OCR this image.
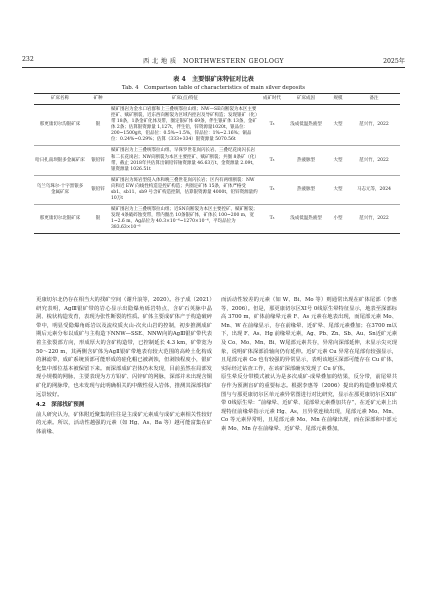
232	西 北 地 质　NORTHWESTERN GEOLOGY	2025年
表 4　主要银矿床特征对比表
Tab. 4　Comparison table of characteristics of main silver deposits
矿床名称	矿种	矿床(点)特征	成矿时代	矿床成因	规模	备注
那更康切尔沟银矿床	银	赋矿围岩为金水口岩群和上三叠统鄂拉山组；NW—SE向断裂为本区主要控矿、赋矿断裂，近东西向断裂为区域内控岩及导矿构造；发现银矿（化）带 18条，1条金矿化体及带，圈定银矿体 69条，伴生银矿体 13条，金矿体 2条；估算银资源量 1,127t，伴生铅，锌资源量1020t，银品位：200~1500g/t，铅品位：0.5%~1.5%，锌品位：1%~2.16%；铜品位：0.24%~0.29%；估算（333+334）银资源量 5070.56t	T₃	浅成低温热液型	大型	范兴竹，2022
哈日扎南坝银多金属矿床	银铅锌	赋矿围岩为上三叠统鄂拉山组、早侏罗世花岗闪长岩、三叠纪花岗闪长岩和二长花岗岩；NW向断裂为本区主要控矿、赋矿断裂；共圈 8条矿（化）带，截止 2018年共估算出铜铅锌铀资源量 46.63万t，金资源量 2.09t，银资源量 1026.51t	T₃	热液脉型	大型	范兴竹，2022
乌兰乌珠尔-十字黑银多金属矿床	银铅锌	赋矿围岩为斑岩型侵入体和晚三叠世花岗闪长岩；区内有两组断裂：NW 向和近 EW 向线性构造是控矿构造；共圈定矿体 15条，矿体严格受 sb1、sb11、sb9 号含矿构造控制，估算银资源量 4000t，铅锌资源量约10万t	T₃	热液脉型	大型	马志元等，2024
那更康切尔北银矿床	银	赋矿围岩为上三叠统鄂拉山组；近SN向断裂为本区主要控矿、赋矿断裂；发现 4条破碎蚀变带，带内圈出 10条银矿体，矿体长 100~200 m，宽 1~2.6 m，Ag品位为 40.3×10⁻⁶~1270×10⁻⁶，平均品位为 383.63×10⁻⁶	T₃	浅成低温热液型	小型	范兴竹，2022

更康切尔北仍存在相当大的找矿空间（谢升浪等，2020）。谷子成（2021）研究表明，AgⅢ银矿带的岩心显示出隐爆角砾岩特点，含矿石英脉中晶洞、梳状构造发育，表现为张性断裂的性质。矿体主要成矿体产于构造破碎带中，明显受隐爆角砾岩以及流纹质火山-次火山岩的控制，初步推测成矿期后元素分布以成矿与主构造下NNW—SSE、NNW向的AgⅢ银矿带代表着主张裂部方向，形成厚大的含矿构造带，已控制延长 4.3 km，矿带宽为 50～220 m，其两侧含矿体为AgⅡ银矿带地表有较大范围的高岭土化构成的淋滤带，成矿系统顶部可能形成的硅化帽已被剥蚀，但剥蚀程度小，银矿化集中部位基本被保留下来。而深部成矿岩体仍未发现，目前虽然在局部发现小规模的网脉，主要表现为方方铅矿、闪锌矿的网脉，深部并未出现含铜矿化的网脉带，也未发现与此明确相关的中酸性侵入岩体，推测其深部找矿远景较好。

4.2　深部找矿预测

前人研究认为，矿体附近聚集的往往是主成矿元素成与成矿元素相关性较好的元素。所以，活动性越强的元素（如 Hg、As、Ba 等）越可能富集在矿体前缘、

而活动性较差的元素（如 W、Bi、Mo 等）则通常出现在矿体尾部（李惠等，2006）。但是，那更康切尔区XI号 0线原生晕特征显示，地表至深部标高 3700 m，矿体前缘晕元素 F、As 元素在地表出现，而尾部元素 Mo、Mn、W 在前缘显示，存在前缘晕、近矿晕、尾部元素叠加；在3700 m以下，出现 F、As、Hg 前缘晕元素，Ag、Pb、Zn、Sb、Au、Sn近矿元素及 Co、Mo、Mn、Bi、W尾部元素共存，异常向深部延伸，未显示尖灭现象，说明矿体深部沿轴向仍有延伸。近矿元素 Cu 异常在尾部有较强显示，且尾部元素 Co 也有较强的异常显示，表明该地区深部可能存在 Cu 矿体，实际经过钻查工作，在该矿深部确实发现了 Cu 矿体。

原生晕反分带模式被认为是多次成矿-成晕叠加的结果，反分带，前尾晕共存作为预测盲矿的重要标志。根据李惠等（2006）提出的构造叠加晕模式图与与那更康切尔区单元素异常图进行对比研究，显示在那更康切尔区XI矿带 0线原生晕：“前缘晕、近矿晕、尾部晕元素叠加共存”，在近矿元素上出现特征前缘晕指示元素 Hg、As，且异常连续出现，尾部元素 Mo、Mn、Co 等元素异常明，且尾部元素 Mo、Mn 在前缘出现，而在深部和中部元素 Mo、Mn 存在前缘晕、近矿晕、尾部元素叠加，
